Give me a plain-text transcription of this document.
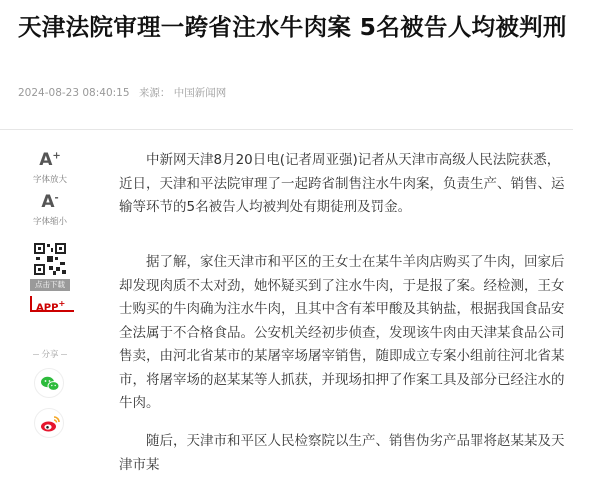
天津法院审理一跨省注水牛肉案 5名被告人均被判刑
2024-08-23 08:40:15 来源： 中国新闻网
A+
字体放大
A-
字体缩小
点击下载
APP+
分享

中新网天津8月20日电(记者周亚强)记者从天津市高级人民法院获悉，近日，天津和平法院审理了一起跨省制售注水牛肉案，负责生产、销售、运输等环节的5名被告人均被判处有期徒刑及罚金。

据了解，家住天津市和平区的王女士在某牛羊肉店购买了牛肉，回家后却发现肉质不太对劲，她怀疑买到了注水牛肉，于是报了案。经检测，王女士购买的牛肉确为注水牛肉，且其中含有苯甲酸及其钠盐，根据我国食品安全法属于不合格食品。公安机关经初步侦查，发现该牛肉由天津某食品公司售卖，由河北省某市的某屠宰场屠宰销售，随即成立专案小组前往河北省某市，将屠宰场的赵某某等人抓获，并现场扣押了作案工具及部分已经注水的牛肉。

随后，天津市和平区人民检察院以生产、销售伪劣产品罪将赵某某及天津市某
